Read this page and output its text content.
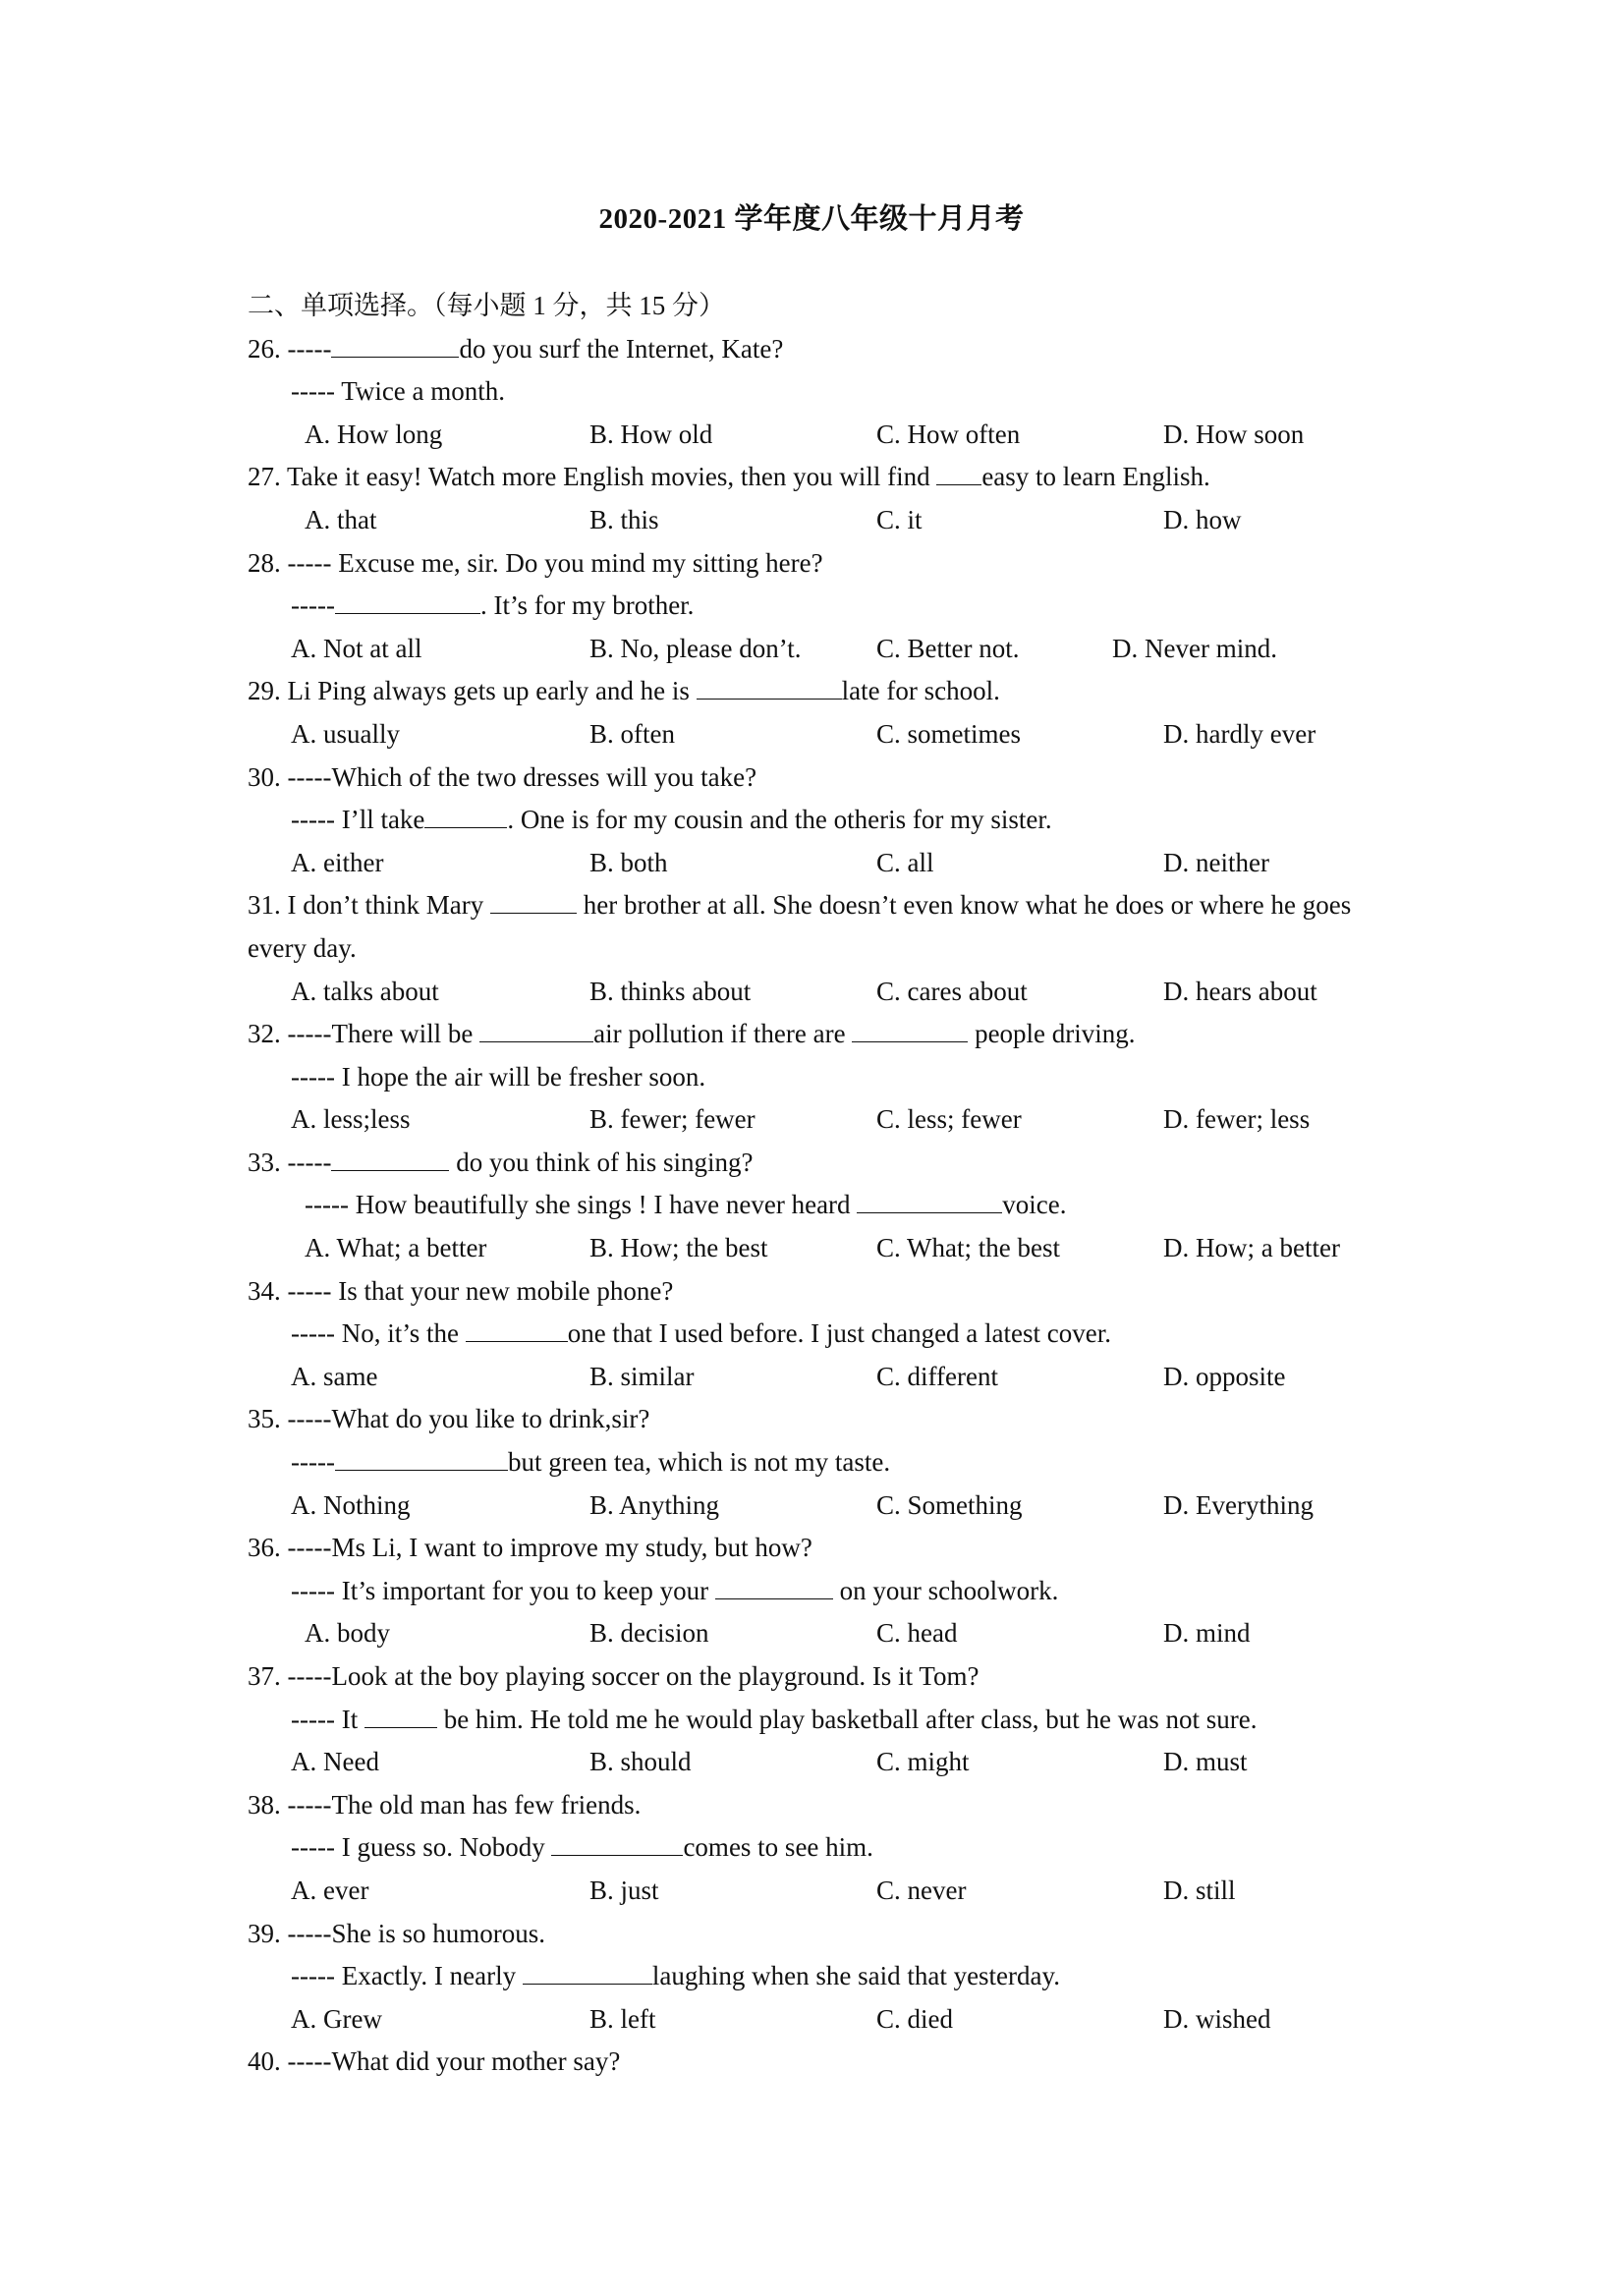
2020-2021 学年度八年级十月月考
二、单项选择。（每小题 1 分，共 15 分）
26. -----	do you surf the Internet, Kate?
----- Twice a month.
A. How long	B. How old	C. How often	D. How soon
27. Take it easy! Watch more English movies, then you will find easy to learn English.
A. that	B. this	C. it	D. how
28. ----- Excuse me, sir. Do you mind my sitting here?
-----	. It’s for my brother.
A. Not at all	B. No, please don’t.	C. Better not.	D. Never mind.
29. Li Ping always gets up early and he is	late for school.
A. usually	B. often	C. sometimes	D. hardly ever
30. -----Which of the two dresses will you take?
----- I’ll take	. One is for my cousin and the otheris for my sister.
A. either	B. both	C. all	D. neither
31. I don’t think Mary	her brother at all. She doesn’t even know what he does or where he goes every day.
A. talks about	B. thinks about	C. cares about	D. hears about
32. -----There will be	air pollution if there are	people driving.
----- I hope the air will be fresher soon.
A. less;less	B. fewer; fewer	C. less; fewer	D. fewer; less
33. -----	do you think of his singing?
----- How beautifully she sings ! I have never heard	voice.
A. What; a better	B. How; the best	C. What; the best	D. How; a better
34. ----- Is that your new mobile phone?
----- No, it’s the	one that I used before. I just changed a latest cover.
A. same	B. similar	C. different	D. opposite
35. -----What do you like to drink,sir?
-----	but green tea, which is not my taste.
A. Nothing	B. Anything	C. Something	D. Everything
36. -----Ms Li, I want to improve my study, but how?
----- It’s important for you to keep your	on your schoolwork.
A. body	B. decision	C. head	D. mind
37. -----Look at the boy playing soccer on the playground. Is it Tom?
----- It	be him. He told me he would play basketball after class, but he was not sure.
A. Need	B. should	C. might	D. must
38. -----The old man has few friends.
----- I guess so. Nobody	comes to see him.
A. ever	B. just	C. never	D. still
39. -----She is so humorous.
----- Exactly. I nearly	laughing when she said that yesterday.
A. Grew	B. left	C. died	D. wished
40. -----What did your mother say?
